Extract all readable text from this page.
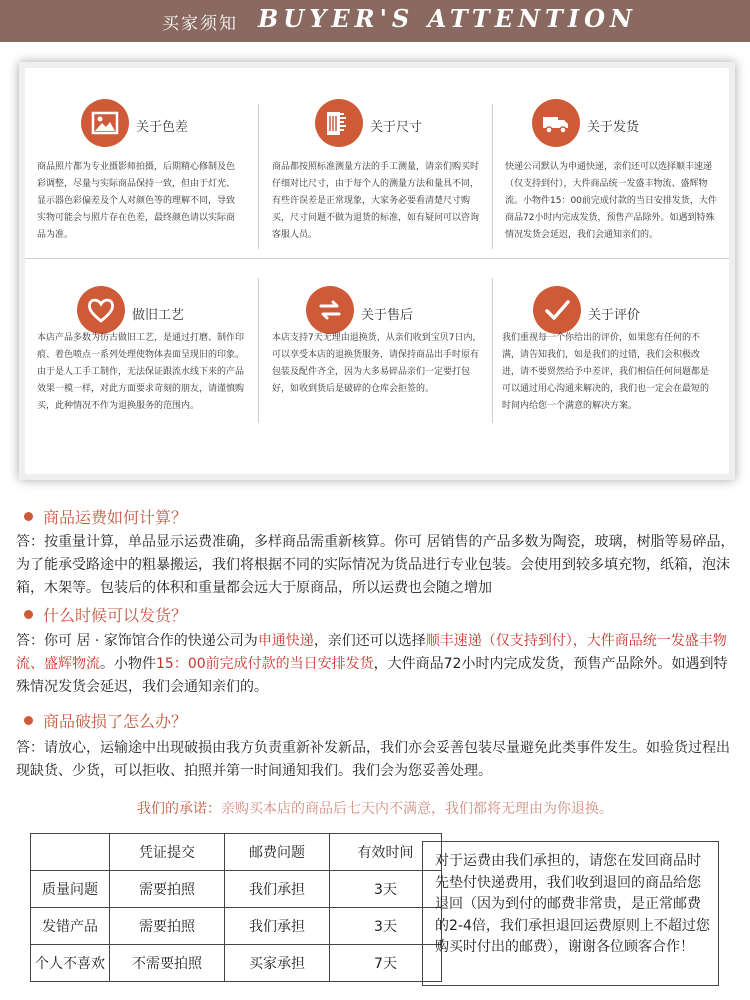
买家须知 BUYER'S ATTENTION
关于色差
商品照片都为专业摄影师拍摄，后期精心修制及色彩调整，尽量与实际商品保持一致，但由于灯光、显示器色彩偏差及个人对颜色等的理解不同，导致实物可能会与照片存在色差，最终颜色请以实际商品为准。
关于尺寸
商品都按照标准测量方法的手工测量，请亲们购买时仔细对比尺寸，由于每个人的测量方法和量具不同，有些许误差是正常现象，大家务必要看清楚尺寸购买，尺寸问题不做为退货的标准，如有疑问可以咨询客服人员。
关于发货
快递公司默认为申通快递，亲们还可以选择顺丰速递（仅支持到付），大件商品统一发盛丰物流、盛辉物流。小物件15：00前完成付款的当日安排发货，大件商品72小时内完成发货，预售产品除外。如遇到特殊情况发货会延迟，我们会通知亲们的。
做旧工艺
本店产品多数为仿古做旧工艺，是通过打磨、制作印痕、着色喷点一系列处理使物体表面呈现旧的印象。由于是人工手工制作，无法保证跟流水线下来的产品效果一模一样，对此方面要求苛刻的朋友，请谨慎购买，此种情况不作为退换服务的范围内。
关于售后
本店支持7天无理由退换货，从亲们收到宝贝7日内，可以享受本店的退换货服务，请保持商品出手时原有包装及配件齐全，因为大多易碎品亲们一定要打包好，如收到货后是破碎的仓库会拒签的。
关于评价
我们重视每一个你给出的评价，如果您有任何的不满，请告知我们，如是我们的过错，我们会积极改进，请不要贸然给予中差评，我们相信任何问题都是可以通过用心沟通来解决的，我们也一定会在最短的时间内给您一个满意的解决方案。
商品运费如何计算？
答：按重量计算，单品显示运费准确，多样商品需重新核算。你可 居销售的产品多数为陶瓷，玻璃，树脂等易碎品，为了能承受路途中的粗暴搬运，我们将根据不同的实际情况为货品进行专业包装。会使用到较多填充物，纸箱，泡沫箱，木架等。包装后的体积和重量都会远大于原商品，所以运费也会随之增加
什么时候可以发货？
答：你可 居 · 家饰馆合作的快递公司为申通快递，亲们还可以选择顺丰速递（仅支持到付），大件商品统一发盛丰物流、盛辉物流。小物件15：00前完成付款的当日安排发货，大件商品72小时内完成发货，预售产品除外。如遇到特殊情况发货会延迟，我们会通知亲们的。
商品破损了怎么办？
答：请放心，运输途中出现破损由我方负责重新补发新品，我们亦会妥善包装尽量避免此类事件发生。如验货过程出现缺货、少货，可以拒收、拍照并第一时间通知我们。我们会为您妥善处理。
我们的承诺：亲购买本店的商品后七天内不满意，我们都将无理由为你退换。
	凭证提交	邮费问题	有效时间
质量问题	需要拍照	我们承担	3天
发错产品	需要拍照	我们承担	3天
个人不喜欢	不需要拍照	买家承担	7天
对于运费由我们承担的，请您在发回商品时先垫付快递费用，我们收到退回的商品给您退回（因为到付的邮费非常贵，是正常邮费的2-4倍，我们承担退回运费原则上不超过您购买时付出的邮费），谢谢各位顾客合作！
